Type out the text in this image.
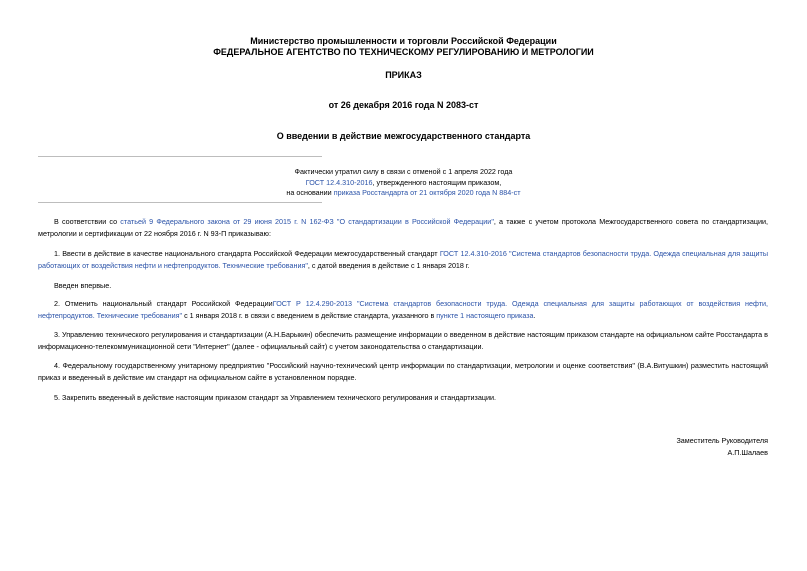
Министерство промышленности и торговли Российской Федерации
ФЕДЕРАЛЬНОЕ АГЕНТСТВО ПО ТЕХНИЧЕСКОМУ РЕГУЛИРОВАНИЮ И МЕТРОЛОГИИ
ПРИКАЗ
от 26 декабря 2016 года N 2083-ст
О введении в действие межгосударственного стандарта
Фактически утратил силу в связи с отменой с 1 апреля 2022 года
ГОСТ 12.4.310-2016, утвержденного настоящим приказом,
на основании приказа Росстандарта от 21 октября 2020 года N 884-ст
В соответствии со статьей 9 Федерального закона от 29 июня 2015 г. N 162-ФЗ "О стандартизации в Российской Федерации", а также с учетом протокола Межгосударственного совета по стандартизации, метрологии и сертификации от 22 ноября 2016 г. N 93-П приказываю:
1. Ввести в действие в качестве национального стандарта Российской Федерации межгосударственный стандарт ГОСТ 12.4.310-2016 "Система стандартов безопасности труда. Одежда специальная для защиты работающих от воздействия нефти и нефтепродуктов. Технические требования", с датой введения в действие с 1 января 2018 г.
Введен впервые.
2. Отменить национальный стандарт Российской ФедерацииГОСТ Р 12.4.290-2013 "Система стандартов безопасности труда. Одежда специальная для защиты работающих от воздействия нефти, нефтепродуктов. Технические требования" с 1 января 2018 г. в связи с введением в действие стандарта, указанного в пункте 1 настоящего приказа.
3. Управлению технического регулирования и стандартизации (А.Н.Барыкин) обеспечить размещение информации о введенном в действие настоящим приказом стандарте на официальном сайте Росстандарта в информационно-телекоммуникационной сети "Интернет" (далее - официальный сайт) с учетом законодательства о стандартизации.
4. Федеральному государственному унитарному предприятию "Российский научно-технический центр информации по стандартизации, метрологии и оценке соответствия" (В.А.Витушкин) разместить настоящий приказ и введенный в действие им стандарт на официальном сайте в установленном порядке.
5. Закрепить введенный в действие настоящим приказом стандарт за Управлением технического регулирования и стандартизации.
Заместитель Руководителя
А.П.Шалаев
